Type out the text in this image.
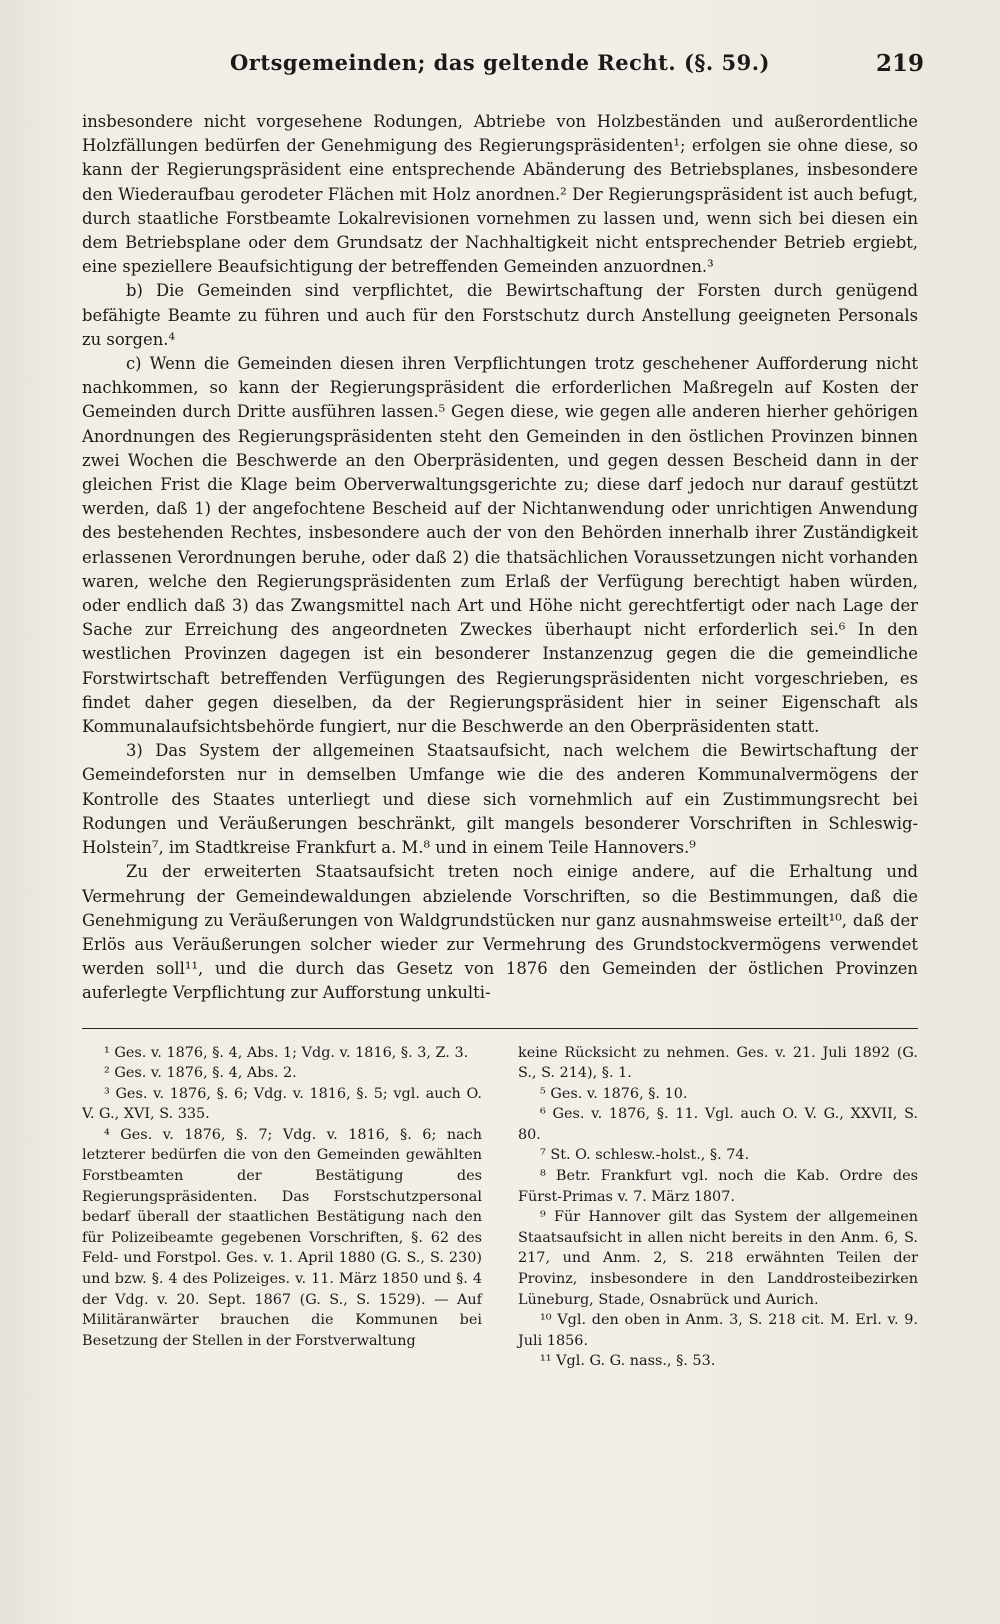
Ortsgemeinden; das geltende Recht. (§. 59.)	219

insbesondere nicht vorgesehene Rodungen, Abtriebe von Holzbeständen und außerordentliche Holzfällungen bedürfen der Genehmigung des Regierungspräsidenten¹; erfolgen sie ohne diese, so kann der Regierungspräsident eine entsprechende Abänderung des Betriebsplanes, insbesondere den Wiederaufbau gerodeter Flächen mit Holz anordnen.² Der Regierungspräsident ist auch befugt, durch staatliche Forstbeamte Lokalrevisionen vornehmen zu lassen und, wenn sich bei diesen ein dem Betriebsplane oder dem Grundsatz der Nachhaltigkeit nicht entsprechender Betrieb ergiebt, eine speziellere Beaufsichtigung der betreffenden Gemeinden anzuordnen.³

b) Die Gemeinden sind verpflichtet, die Bewirtschaftung der Forsten durch genügend befähigte Beamte zu führen und auch für den Forstschutz durch Anstellung geeigneten Personals zu sorgen.⁴

c) Wenn die Gemeinden diesen ihren Verpflichtungen trotz geschehener Aufforderung nicht nachkommen, so kann der Regierungspräsident die erforderlichen Maßregeln auf Kosten der Gemeinden durch Dritte ausführen lassen.⁵ Gegen diese, wie gegen alle anderen hierher gehörigen Anordnungen des Regierungspräsidenten steht den Gemeinden in den östlichen Provinzen binnen zwei Wochen die Beschwerde an den Oberpräsidenten, und gegen dessen Bescheid dann in der gleichen Frist die Klage beim Oberverwaltungsgerichte zu; diese darf jedoch nur darauf gestützt werden, daß 1) der angefochtene Bescheid auf der Nichtanwendung oder unrichtigen Anwendung des bestehenden Rechtes, insbesondere auch der von den Behörden innerhalb ihrer Zuständigkeit erlassenen Verordnungen beruhe, oder daß 2) die thatsächlichen Voraussetzungen nicht vorhanden waren, welche den Regierungspräsidenten zum Erlaß der Verfügung berechtigt haben würden, oder endlich daß 3) das Zwangsmittel nach Art und Höhe nicht gerechtfertigt oder nach Lage der Sache zur Erreichung des angeordneten Zweckes überhaupt nicht erforderlich sei.⁶ In den westlichen Provinzen dagegen ist ein besonderer Instanzenzug gegen die die gemeindliche Forstwirtschaft betreffenden Verfügungen des Regierungspräsidenten nicht vorgeschrieben, es findet daher gegen dieselben, da der Regierungspräsident hier in seiner Eigenschaft als Kommunalaufsichtsbehörde fungiert, nur die Beschwerde an den Oberpräsidenten statt.

3) Das System der allgemeinen Staatsaufsicht, nach welchem die Bewirtschaftung der Gemeindeforsten nur in demselben Umfange wie die des anderen Kommunalvermögens der Kontrolle des Staates unterliegt und diese sich vornehmlich auf ein Zustimmungsrecht bei Rodungen und Veräußerungen beschränkt, gilt mangels besonderer Vorschriften in Schleswig-Holstein⁷, im Stadtkreise Frankfurt a. M.⁸ und in einem Teile Hannovers.⁹

Zu der erweiterten Staatsaufsicht treten noch einige andere, auf die Erhaltung und Vermehrung der Gemeindewaldungen abzielende Vorschriften, so die Bestimmungen, daß die Genehmigung zu Veräußerungen von Waldgrundstücken nur ganz ausnahmsweise erteilt¹⁰, daß der Erlös aus Veräußerungen solcher wieder zur Vermehrung des Grundstockvermögens verwendet werden soll¹¹, und die durch das Gesetz von 1876 den Gemeinden der östlichen Provinzen auferlegte Verpflichtung zur Aufforstung unkulti-

¹ Ges. v. 1876, §. 4, Abs. 1; Vdg. v. 1816, §. 3, Z. 3.

² Ges. v. 1876, §. 4, Abs. 2.

³ Ges. v. 1876, §. 6; Vdg. v. 1816, §. 5; vgl. auch O. V. G., XVI, S. 335.

⁴ Ges. v. 1876, §. 7; Vdg. v. 1816, §. 6; nach letzterer bedürfen die von den Gemeinden gewählten Forstbeamten der Bestätigung des Regierungspräsidenten. Das Forstschutzpersonal bedarf überall der staatlichen Bestätigung nach den für Polizeibeamte gegebenen Vorschriften, §. 62 des Feld- und Forstpol. Ges. v. 1. April 1880 (G. S., S. 230) und bzw. §. 4 des Polizeiges. v. 11. März 1850 und §. 4 der Vdg. v. 20. Sept. 1867 (G. S., S. 1529). — Auf Militäranwärter brauchen die Kommunen bei Besetzung der Stellen in der Forstverwaltung

keine Rücksicht zu nehmen. Ges. v. 21. Juli 1892 (G. S., S. 214), §. 1.

⁵ Ges. v. 1876, §. 10.

⁶ Ges. v. 1876, §. 11. Vgl. auch O. V. G., XXVII, S. 80.

⁷ St. O. schlesw.-holst., §. 74.

⁸ Betr. Frankfurt vgl. noch die Kab. Ordre des Fürst-Primas v. 7. März 1807.

⁹ Für Hannover gilt das System der allgemeinen Staatsaufsicht in allen nicht bereits in den Anm. 6, S. 217, und Anm. 2, S. 218 erwähnten Teilen der Provinz, insbesondere in den Landdrosteibezirken Lüneburg, Stade, Osnabrück und Aurich.

¹⁰ Vgl. den oben in Anm. 3, S. 218 cit. M. Erl. v. 9. Juli 1856.

¹¹ Vgl. G. G. nass., §. 53.
